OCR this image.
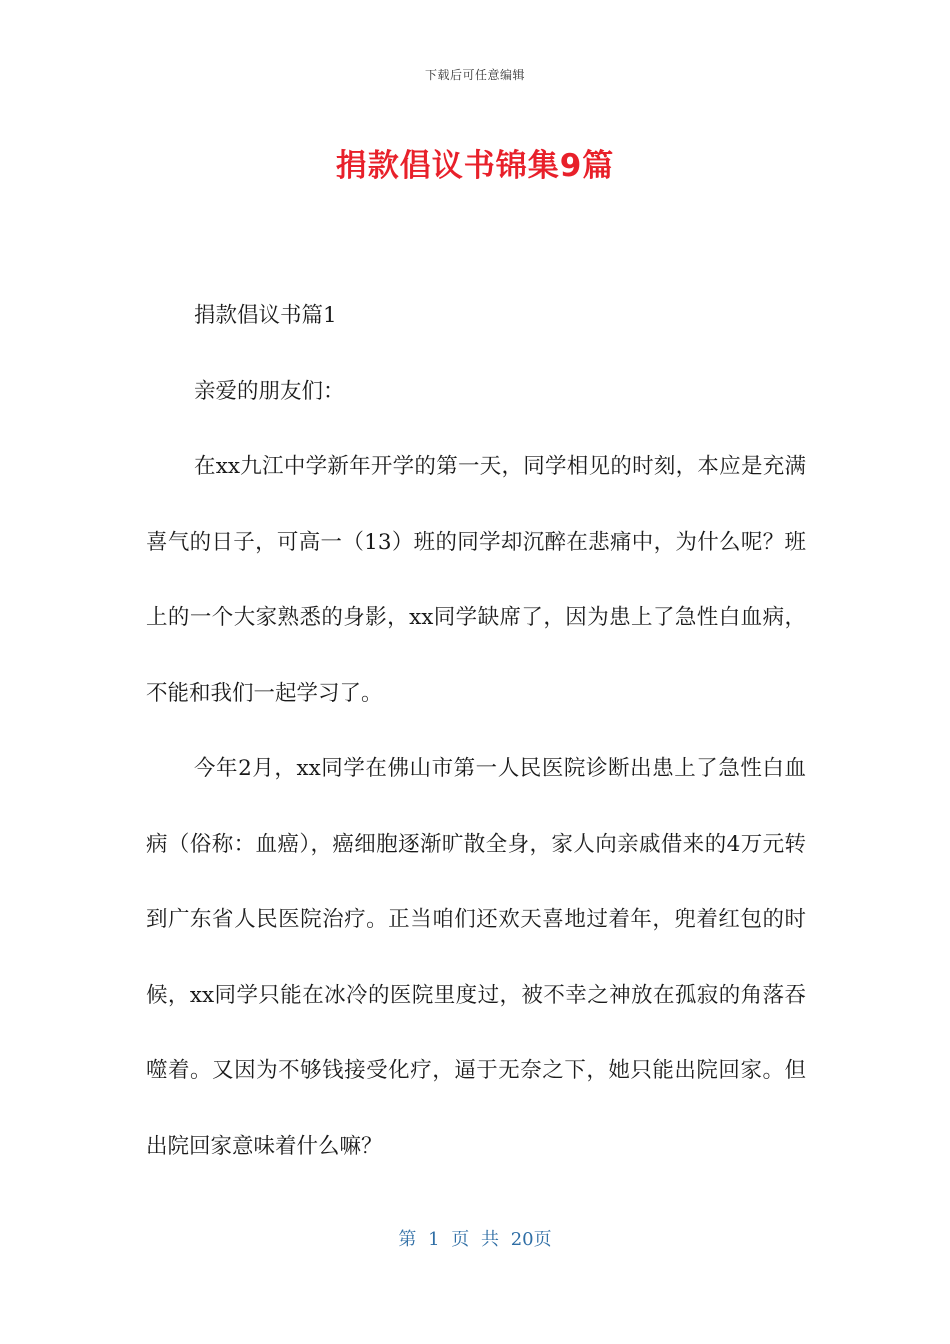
下载后可任意编辑
捐款倡议书锦集9篇

捐款倡议书篇1

亲爱的朋友们：

在xx九江中学新年开学的第一天，同学相见的时刻，本应是充满喜气的日子，可高一（13）班的同学却沉醉在悲痛中，为什么呢？班上的一个大家熟悉的身影，xx同学缺席了，因为患上了急性白血病，不能和我们一起学习了。

今年2月，xx同学在佛山市第一人民医院诊断出患上了急性白血病（俗称：血癌），癌细胞逐渐旷散全身，家人向亲戚借来的4万元转到广东省人民医院治疗。正当咱们还欢天喜地过着年，兜着红包的时候，xx同学只能在冰冷的医院里度过，被不幸之神放在孤寂的角落吞噬着。又因为不够钱接受化疗，逼于无奈之下，她只能出院回家。但出院回家意味着什么嘛？

第 1 页 共 20页
